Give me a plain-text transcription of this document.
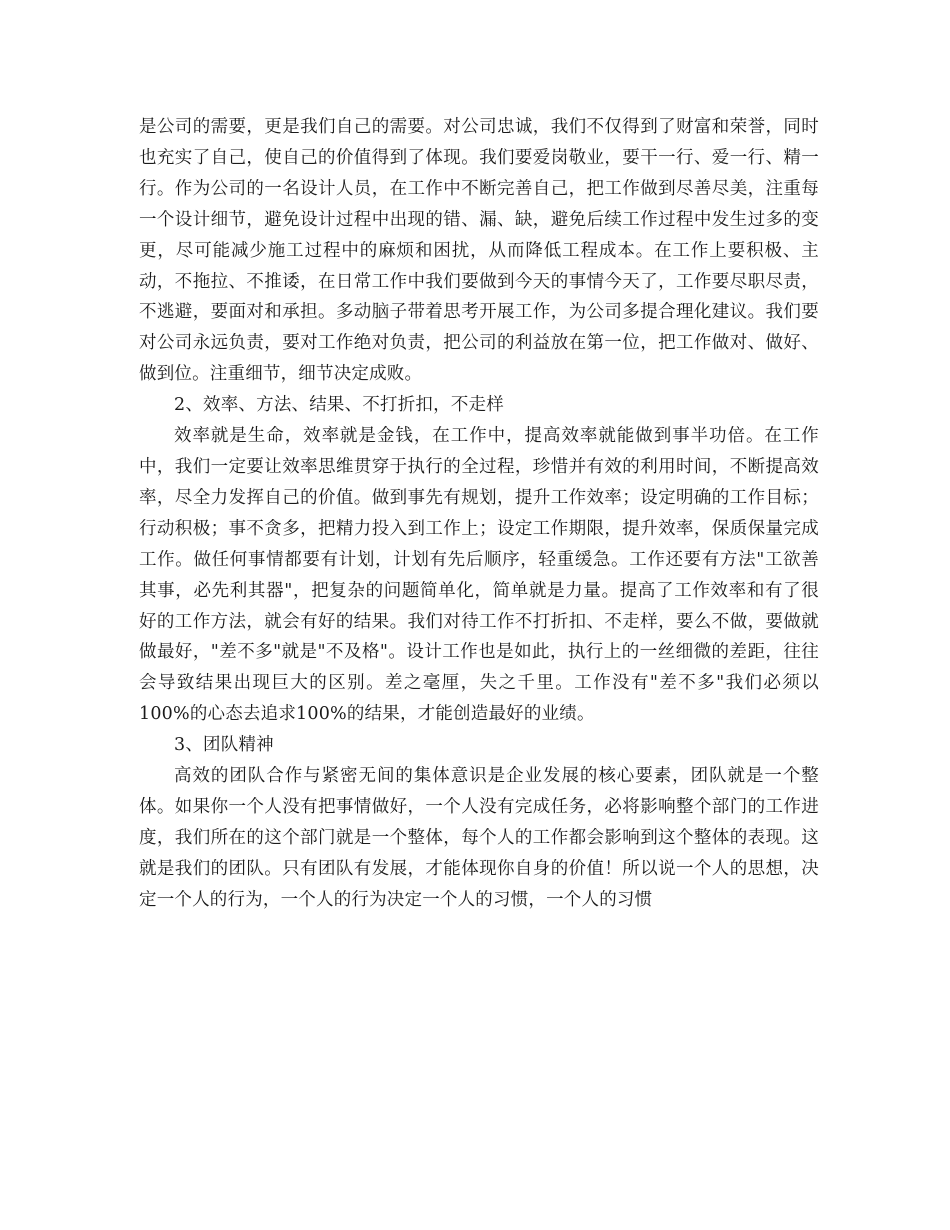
是公司的需要，更是我们自己的需要。对公司忠诚，我们不仅得到了财富和荣誉，同时也充实了自己，使自己的价值得到了体现。我们要爱岗敬业，要干一行、爱一行、精一行。作为公司的一名设计人员，在工作中不断完善自己，把工作做到尽善尽美，注重每一个设计细节，避免设计过程中出现的错、漏、缺，避免后续工作过程中发生过多的变更，尽可能减少施工过程中的麻烦和困扰，从而降低工程成本。在工作上要积极、主动，不拖拉、不推诿，在日常工作中我们要做到今天的事情今天了，工作要尽职尽责，不逃避，要面对和承担。多动脑子带着思考开展工作，为公司多提合理化建议。我们要对公司永远负责，要对工作绝对负责，把公司的利益放在第一位，把工作做对、做好、做到位。注重细节，细节决定成败。

2、效率、方法、结果、不打折扣，不走样

效率就是生命，效率就是金钱，在工作中，提高效率就能做到事半功倍。在工作中，我们一定要让效率思维贯穿于执行的全过程，珍惜并有效的利用时间，不断提高效率，尽全力发挥自己的价值。做到事先有规划，提升工作效率；设定明确的工作目标；行动积极；事不贪多，把精力投入到工作上；设定工作期限，提升效率，保质保量完成工作。做任何事情都要有计划，计划有先后顺序，轻重缓急。工作还要有方法"工欲善其事，必先利其器"，把复杂的问题简单化，简单就是力量。提高了工作效率和有了很好的工作方法，就会有好的结果。我们对待工作不打折扣、不走样，要么不做，要做就做最好，"差不多"就是"不及格"。设计工作也是如此，执行上的一丝细微的差距，往往会导致结果出现巨大的区别。差之毫厘，失之千里。工作没有"差不多"我们必须以100%的心态去追求100%的结果，才能创造最好的业绩。

3、团队精神

高效的团队合作与紧密无间的集体意识是企业发展的核心要素，团队就是一个整体。如果你一个人没有把事情做好，一个人没有完成任务，必将影响整个部门的工作进度，我们所在的这个部门就是一个整体，每个人的工作都会影响到这个整体的表现。这就是我们的团队。只有团队有发展，才能体现你自身的价值！所以说一个人的思想，决定一个人的行为，一个人的行为决定一个人的习惯，一个人的习惯
